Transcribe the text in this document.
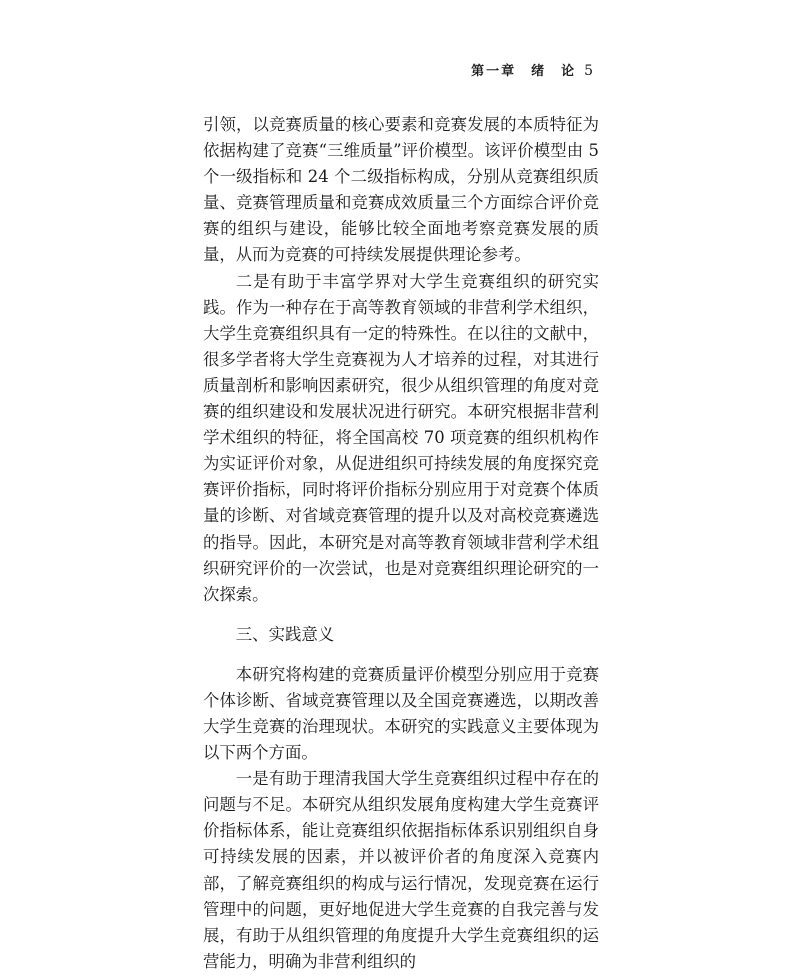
第一章　绪　论 5

引领，以竞赛质量的核心要素和竞赛发展的本质特征为依据构建了竞赛“三维质量”评价模型。该评价模型由 5 个一级指标和 24 个二级指标构成，分别从竞赛组织质量、竞赛管理质量和竞赛成效质量三个方面综合评价竞赛的组织与建设，能够比较全面地考察竞赛发展的质量，从而为竞赛的可持续发展提供理论参考。

二是有助于丰富学界对大学生竞赛组织的研究实践。作为一种存在于高等教育领域的非营利学术组织，大学生竞赛组织具有一定的特殊性。在以往的文献中，很多学者将大学生竞赛视为人才培养的过程，对其进行质量剖析和影响因素研究，很少从组织管理的角度对竞赛的组织建设和发展状况进行研究。本研究根据非营利学术组织的特征，将全国高校 70 项竞赛的组织机构作为实证评价对象，从促进组织可持续发展的角度探究竞赛评价指标，同时将评价指标分别应用于对竞赛个体质量的诊断、对省域竞赛管理的提升以及对高校竞赛遴选的指导。因此，本研究是对高等教育领域非营利学术组织研究评价的一次尝试，也是对竞赛组织理论研究的一次探索。

三、实践意义

本研究将构建的竞赛质量评价模型分别应用于竞赛个体诊断、省域竞赛管理以及全国竞赛遴选，以期改善大学生竞赛的治理现状。本研究的实践意义主要体现为以下两个方面。

一是有助于理清我国大学生竞赛组织过程中存在的问题与不足。本研究从组织发展角度构建大学生竞赛评价指标体系，能让竞赛组织依据指标体系识别组织自身可持续发展的因素，并以被评价者的角度深入竞赛内部，了解竞赛组织的构成与运行情况，发现竞赛在运行管理中的问题，更好地促进大学生竞赛的自我完善与发展，有助于从组织管理的角度提升大学生竞赛组织的运营能力，明确为非营利组织的
